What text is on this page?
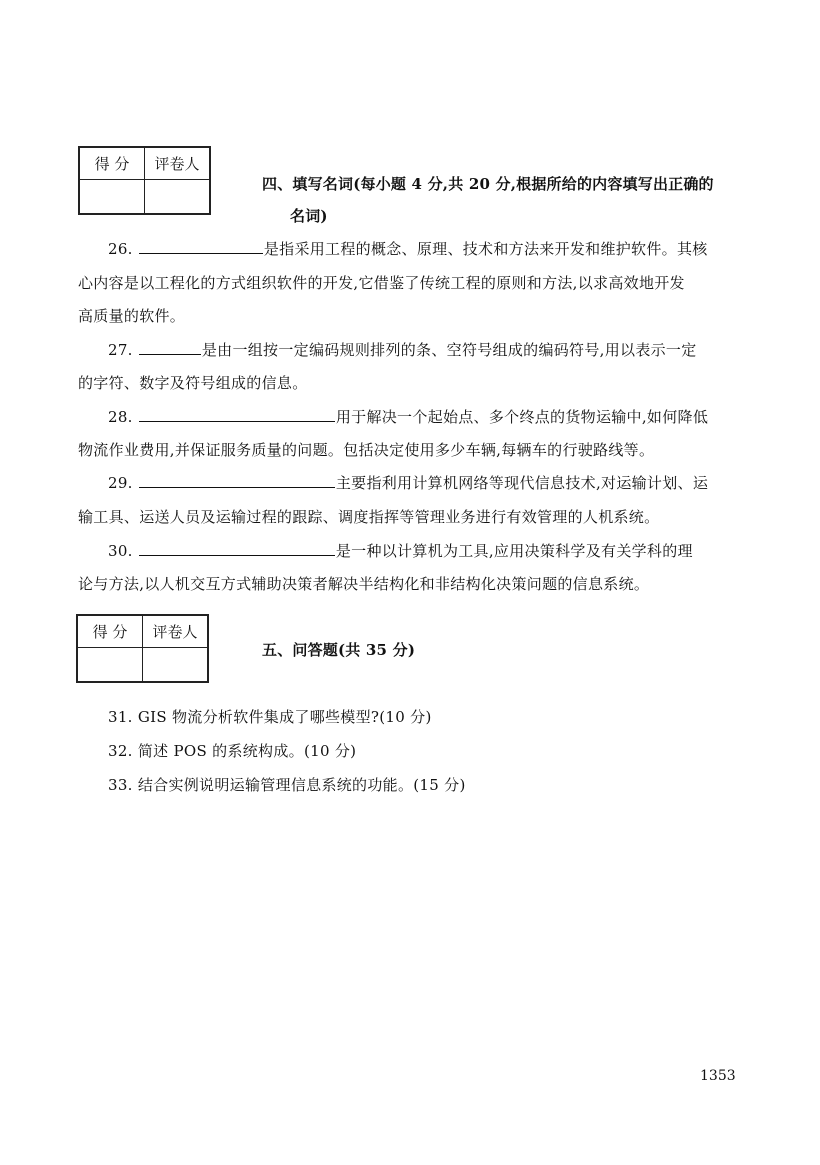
得 分	评卷人

四、填写名词(每小题 4 分,共 20 分,根据所给的内容填写出正确的
名词)
26.	是指采用工程的概念、原理、技术和方法来开发和维护软件。其核
心内容是以工程化的方式组织软件的开发,它借鉴了传统工程的原则和方法,以求高效地开发
高质量的软件。
27.	是由一组按一定编码规则排列的条、空符号组成的编码符号,用以表示一定
的字符、数字及符号组成的信息。
28.	用于解决一个起始点、多个终点的货物运输中,如何降低
物流作业费用,并保证服务质量的问题。包括决定使用多少车辆,每辆车的行驶路线等。
29.	主要指利用计算机网络等现代信息技术,对运输计划、运
输工具、运送人员及运输过程的跟踪、调度指挥等管理业务进行有效管理的人机系统。
30.	是一种以计算机为工具,应用决策科学及有关学科的理
论与方法,以人机交互方式辅助决策者解决半结构化和非结构化决策问题的信息系统。
得 分	评卷人

五、问答题(共 35 分)
31. GIS 物流分析软件集成了哪些模型?(10 分)
32. 简述 POS 的系统构成。(10 分)
33. 结合实例说明运输管理信息系统的功能。(15 分)
1353
